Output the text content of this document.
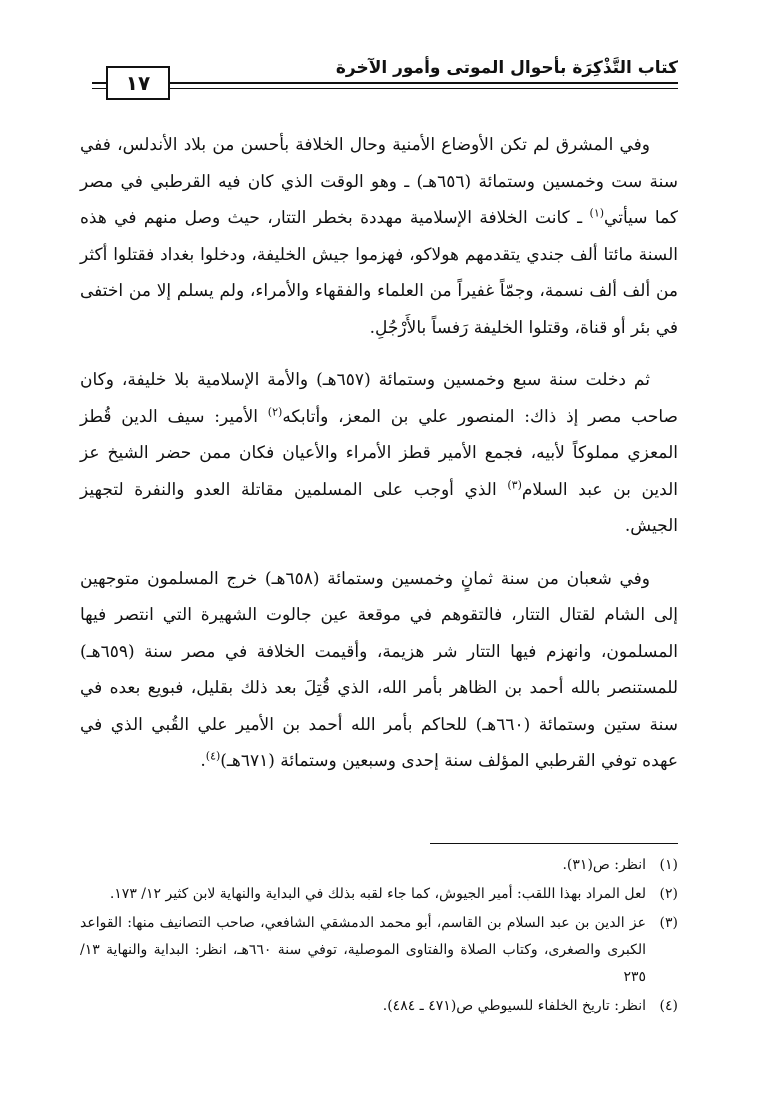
كتاب التَّذْكِرَة بأحوال الموتى وأمور الآخرة
١٧

وفي المشرق لم تكن الأوضاع الأمنية وحال الخلافة بأحسن من بلاد الأندلس، ففي سنة ست وخمسين وستمائة (٦٥٦هـ) ـ وهو الوقت الذي كان فيه القرطبي في مصر كما سيأتي$^{(١)}$ ـ كانت الخلافة الإسلامية مهددة بخطر التتار، حيث وصل منهم في هذه السنة مائتا ألف جندي يتقدمهم هولاكو، فهزموا جيش الخليفة، ودخلوا بغداد فقتلوا أكثر من ألف ألف نسمة، وجمّاً غفيراً من العلماء والفقهاء والأمراء، ولم يسلم إلا من اختفى في بئر أو قناة، وقتلوا الخليفة رَفساً بالأَرْجُلِ.

ثم دخلت سنة سبع وخمسين وستمائة (٦٥٧هـ) والأمة الإسلامية بلا خليفة، وكان صاحب مصر إذ ذاك: المنصور علي بن المعز، وأتابكه$^{(٢)}$ الأمير: سيف الدين قُطز المعزي مملوكاً لأبيه، فجمع الأمير قطز الأمراء والأعيان فكان ممن حضر الشيخ عز الدين بن عبد السلام$^{(٣)}$ الذي أوجب على المسلمين مقاتلة العدو والنفرة لتجهيز الجيش.

وفي شعبان من سنة ثمانٍ وخمسين وستمائة (٦٥٨هـ) خرج المسلمون متوجهين إلى الشام لقتال التتار، فالتقوهم في موقعة عين جالوت الشهيرة التي انتصر فيها المسلمون، وانهزم فيها التتار شر هزيمة، وأقيمت الخلافة في مصر سنة (٦٥٩هـ) للمستنصر بالله أحمد بن الظاهر بأمر الله، الذي قُتِلَ بعد ذلك بقليل، فبويع بعده في سنة ستين وستمائة (٦٦٠هـ) للحاكم بأمر الله أحمد بن الأمير علي القُبي الذي في عهده توفي القرطبي المؤلف سنة إحدى وسبعين وستمائة (٦٧١هـ)$^{(٤)}$.

(١)
انظر: ص(٣١).
(٢)
لعل المراد بهذا اللقب: أمير الجيوش، كما جاء لقبه بذلك في البداية والنهاية لابن كثير ١٢/ ١٧٣.
(٣)
عز الدين بن عبد السلام بن القاسم، أبو محمد الدمشقي الشافعي، صاحب التصانيف منها: القواعد الكبرى والصغرى، وكتاب الصلاة والفتاوى الموصلية، توفي سنة ٦٦٠هـ، انظر: البداية والنهاية ١٣/ ٢٣٥
(٤)
انظر: تاريخ الخلفاء للسيوطي ص(٤٧١ ـ ٤٨٤).
